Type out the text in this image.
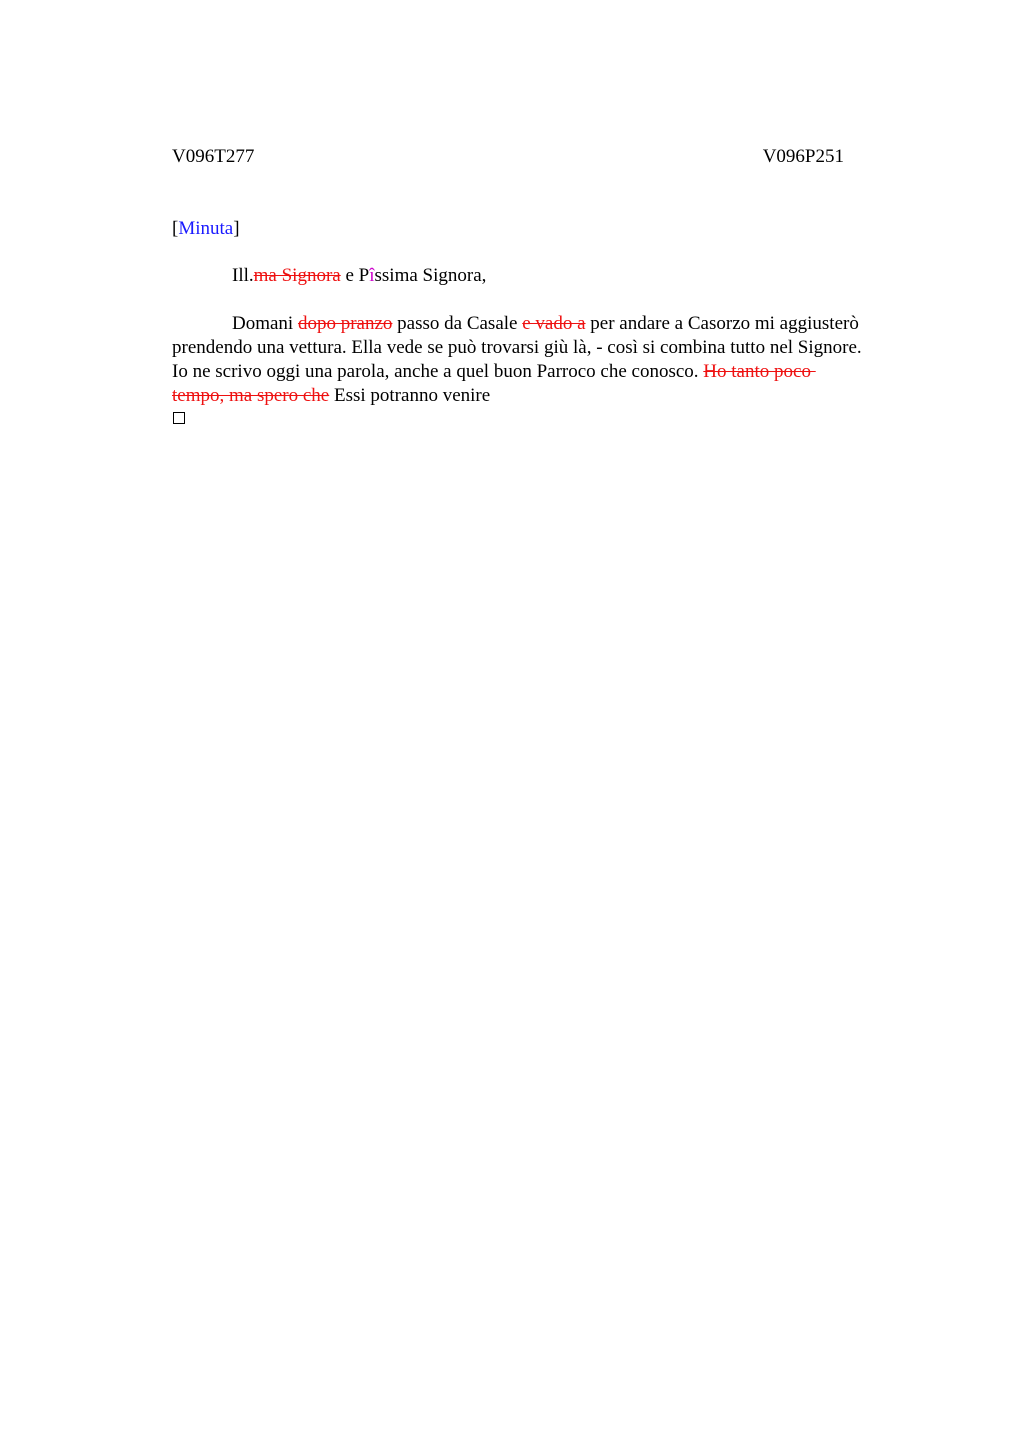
V096T277	V096P251
[Minuta]
Ill.ma Signora e Pîssima Signora,
Domani dopo pranzo passo da Casale e vado a per andare a Casorzo mi aggiusterò
prendendo una vettura. Ella vede se può trovarsi giù là, - così si combina tutto nel Signore.
Io ne scrivo oggi una parola, anche a quel buon Parroco che conosco. Ho tanto poco
tempo, ma spero che Essi potranno venire
